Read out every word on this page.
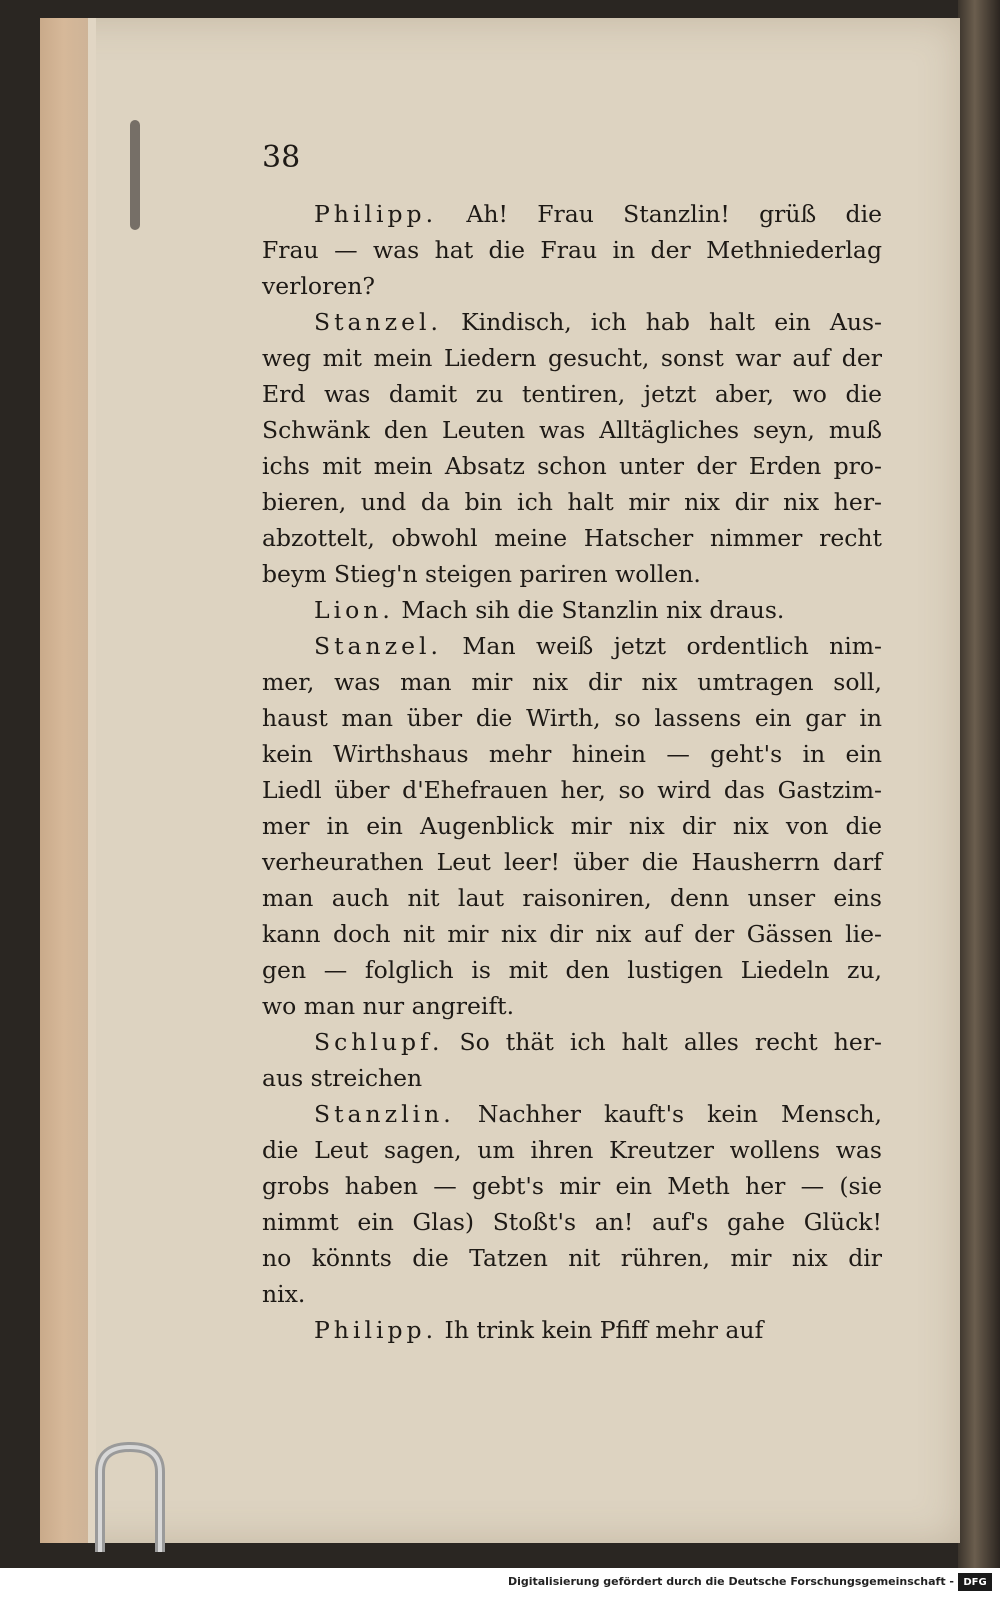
38
Philipp. Ah! Frau Stanzlin! grüß die
Frau — was hat die Frau in der Methniederlag
verloren?
Stanzel. Kindisch, ich hab halt ein Aus-
weg mit mein Liedern gesucht, sonst war auf der
Erd was damit zu tentiren, jetzt aber, wo die
Schwänk den Leuten was Alltägliches seyn, muß
ichs mit mein Absatz schon unter der Erden pro-
bieren, und da bin ich halt mir nix dir nix her-
abzottelt, obwohl meine Hatscher nimmer recht
beym Stieg'n steigen pariren wollen.
Lion. Mach sih die Stanzlin nix draus.
Stanzel. Man weiß jetzt ordentlich nim-
mer, was man mir nix dir nix umtragen soll,
haust man über die Wirth, so lassens ein gar in
kein Wirthshaus mehr hinein — geht's in ein
Liedl über d'Ehefrauen her, so wird das Gastzim-
mer in ein Augenblick mir nix dir nix von die
verheurathen Leut leer! über die Hausherrn darf
man auch nit laut raisoniren, denn unser eins
kann doch nit mir nix dir nix auf der Gässen lie-
gen — folglich is mit den lustigen Liedeln zu,
wo man nur angreift.
Schlupf. So thät ich halt alles recht her-
aus streichen
Stanzlin. Nachher kauft's kein Mensch,
die Leut sagen, um ihren Kreutzer wollens was
grobs haben — gebt's mir ein Meth her — (sie
nimmt ein Glas) Stoßt's an! auf's gahe Glück!
no könnts die Tatzen nit rühren, mir nix dir
nix.
Philipp. Ih trink kein Pfiff mehr auf
Digitalisierung gefördert durch die Deutsche Forschungsgemeinschaft - DFG
